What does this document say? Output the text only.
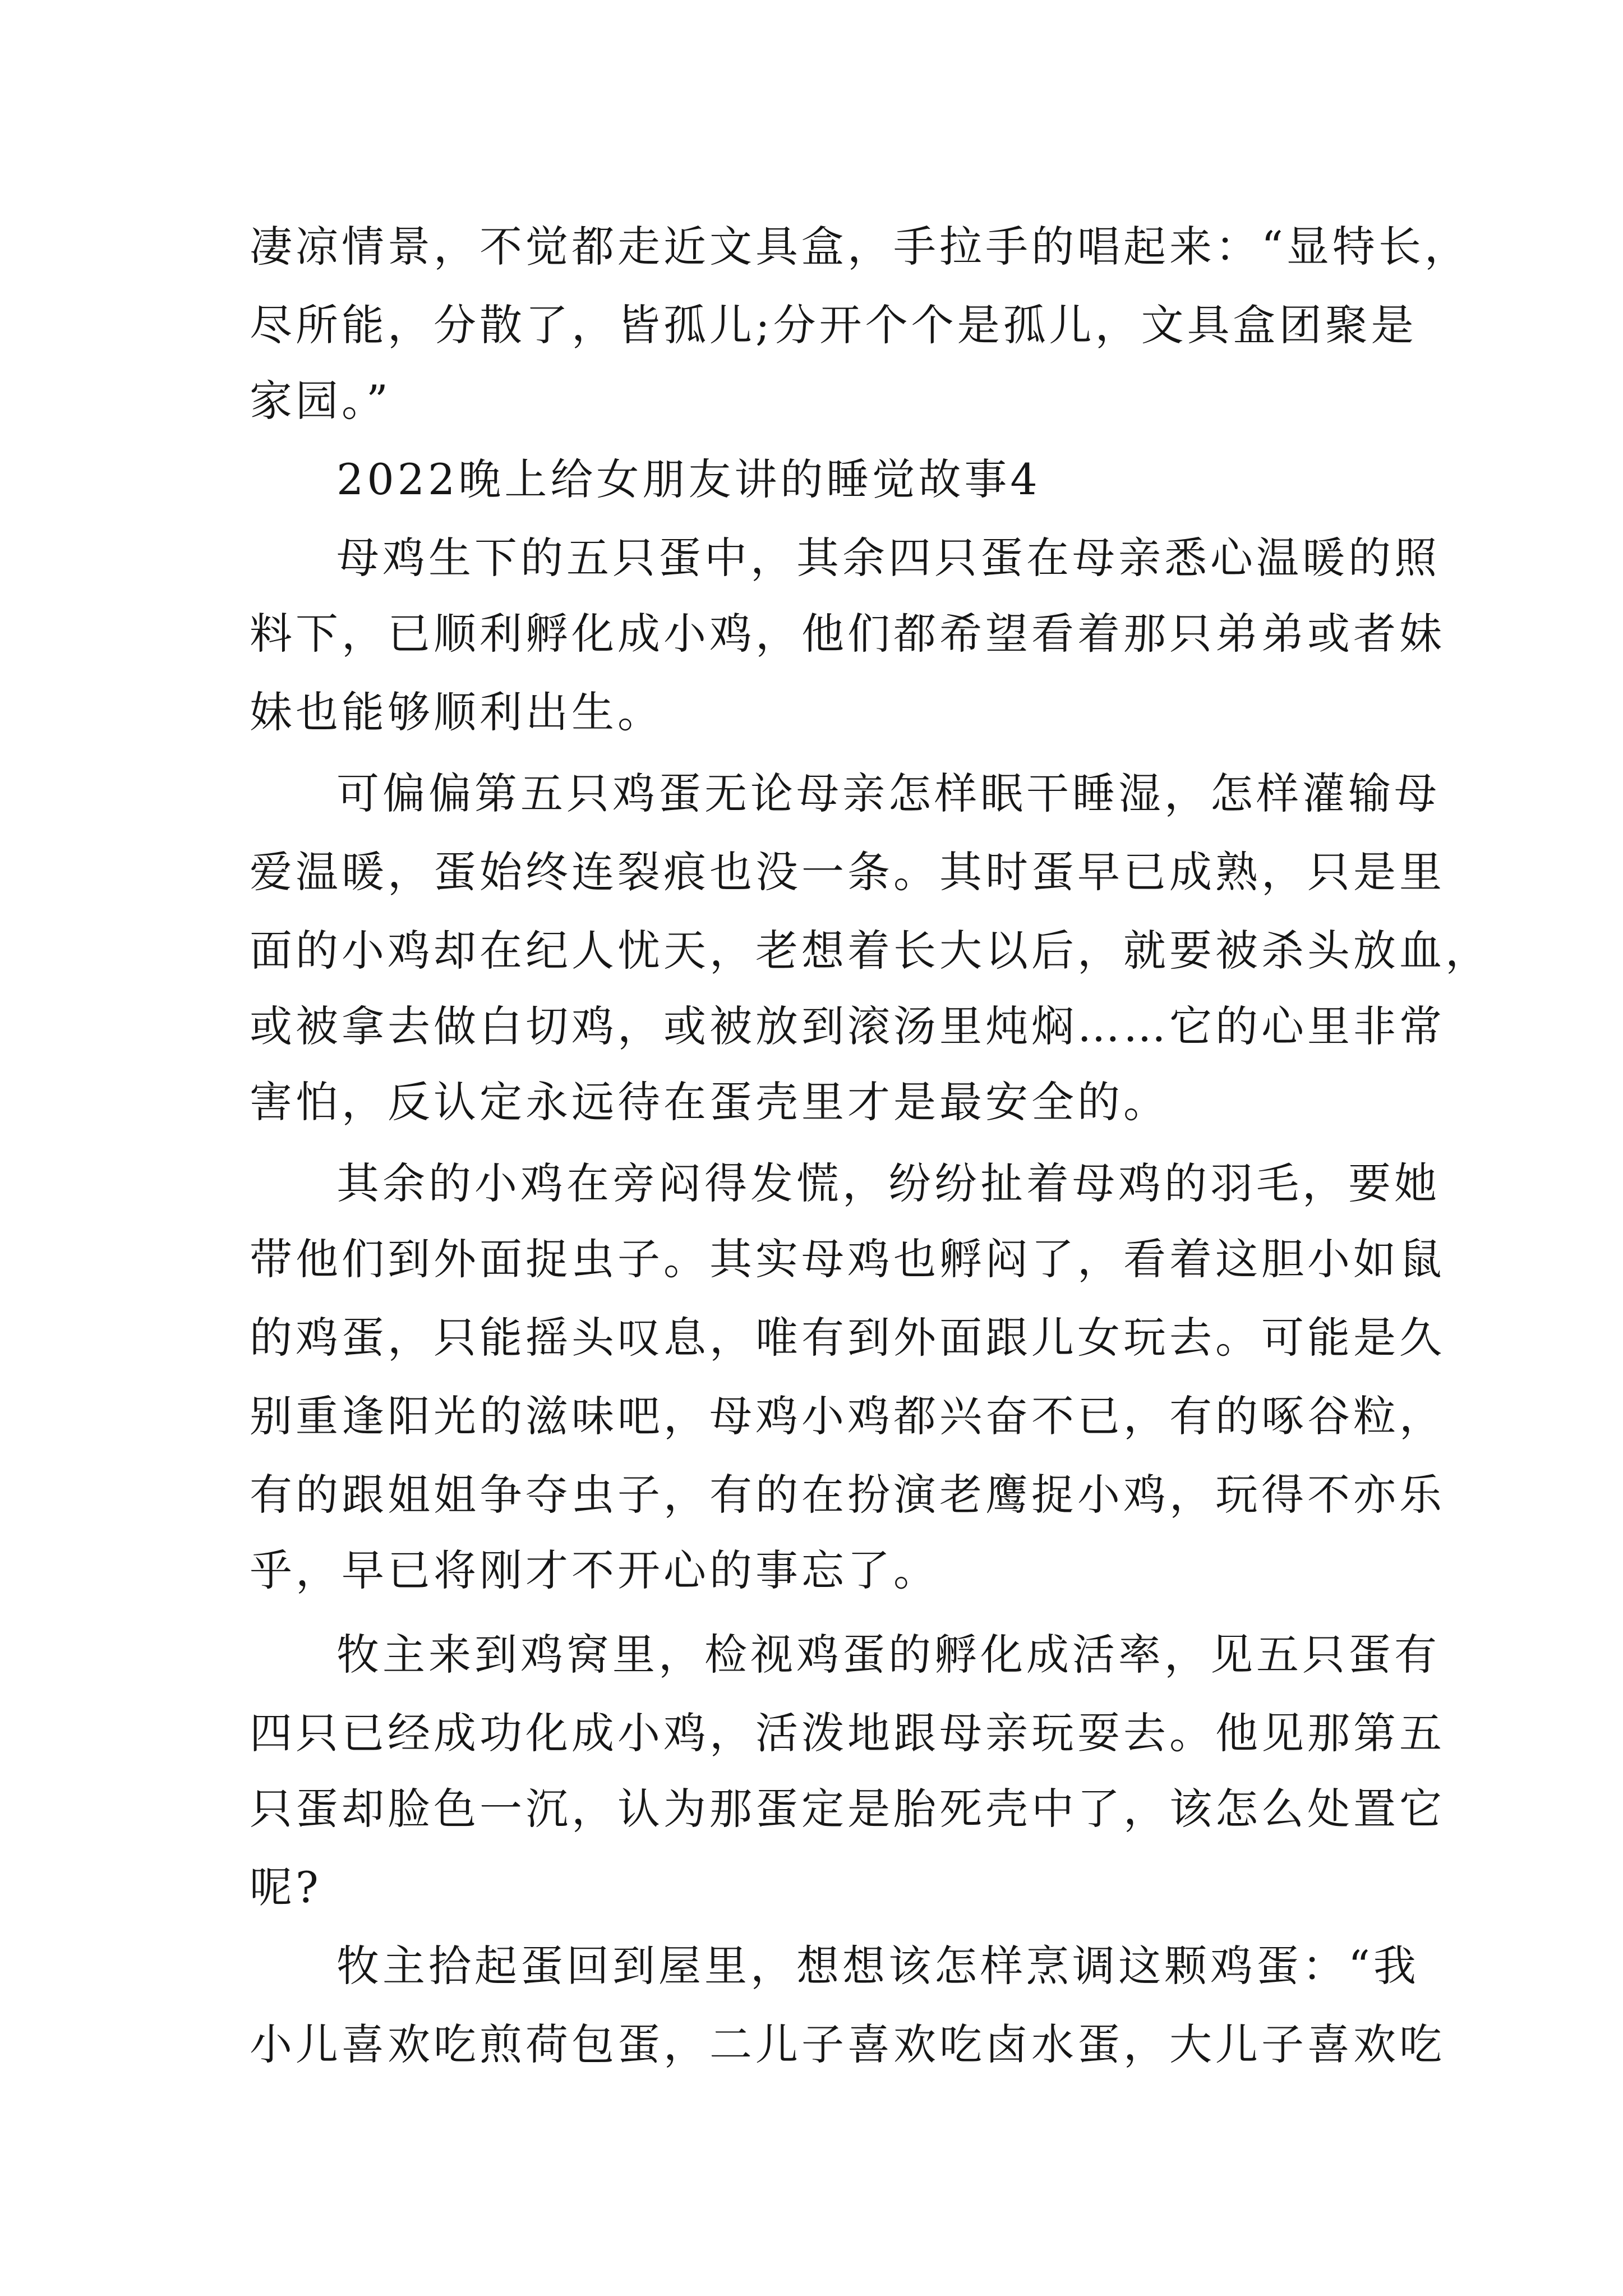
凄凉情景，不觉都走近文具盒，手拉手的唱起来：“显特长，
尽所能，分散了，皆孤儿;分开个个是孤儿，文具盒团聚是
家园。”
2022晚上给女朋友讲的睡觉故事4
母鸡生下的五只蛋中，其余四只蛋在母亲悉心温暖的照
料下，已顺利孵化成小鸡，他们都希望看着那只弟弟或者妹
妹也能够顺利出生。
可偏偏第五只鸡蛋无论母亲怎样眠干睡湿，怎样灌输母
爱温暖，蛋始终连裂痕也没一条。其时蛋早已成熟，只是里
面的小鸡却在纪人忧天，老想着长大以后，就要被杀头放血，
或被拿去做白切鸡，或被放到滚汤里炖焖……它的心里非常
害怕，反认定永远待在蛋壳里才是最安全的。
其余的小鸡在旁闷得发慌，纷纷扯着母鸡的羽毛，要她
带他们到外面捉虫子。其实母鸡也孵闷了，看着这胆小如鼠
的鸡蛋，只能摇头叹息，唯有到外面跟儿女玩去。可能是久
别重逢阳光的滋味吧，母鸡小鸡都兴奋不已，有的啄谷粒，
有的跟姐姐争夺虫子，有的在扮演老鹰捉小鸡，玩得不亦乐
乎，早已将刚才不开心的事忘了。
牧主来到鸡窝里，检视鸡蛋的孵化成活率，见五只蛋有
四只已经成功化成小鸡，活泼地跟母亲玩耍去。他见那第五
只蛋却脸色一沉，认为那蛋定是胎死壳中了，该怎么处置它
呢?
牧主拾起蛋回到屋里，想想该怎样烹调这颗鸡蛋：“我
小儿喜欢吃煎荷包蛋，二儿子喜欢吃卤水蛋，大儿子喜欢吃
